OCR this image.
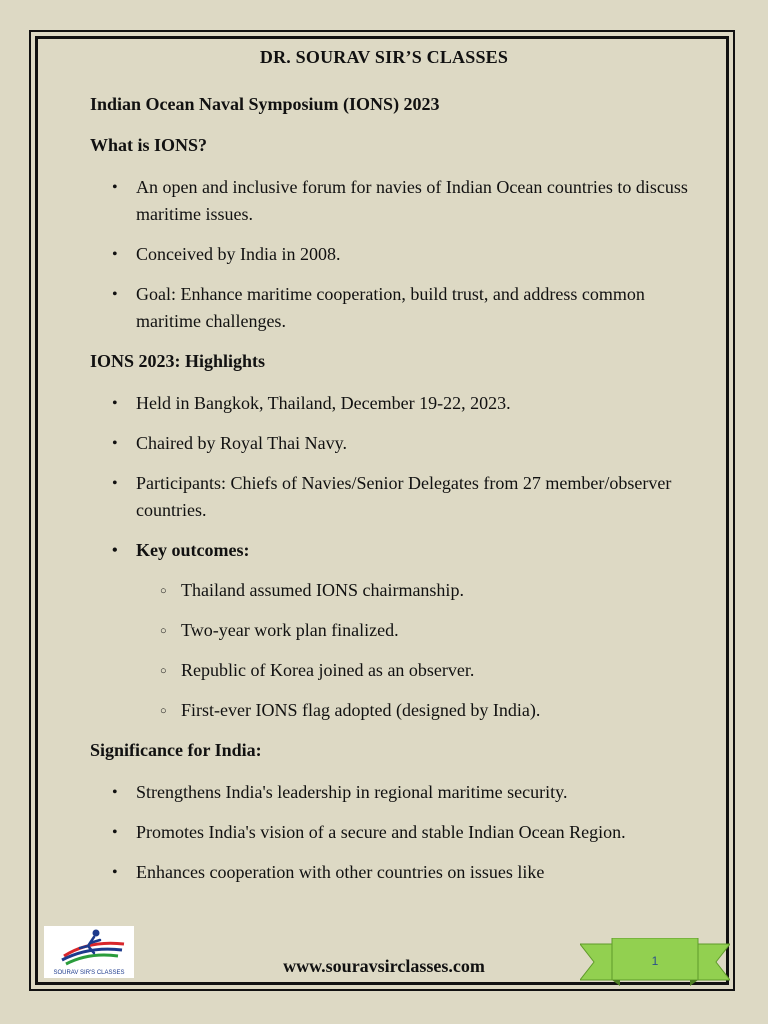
DR. SOURAV SIR’S CLASSES
Indian Ocean Naval Symposium (IONS) 2023
What is IONS?
• An open and inclusive forum for navies of Indian Ocean countries to discuss maritime issues.
• Conceived by India in 2008.
• Goal: Enhance maritime cooperation, build trust, and address common maritime challenges.
IONS 2023: Highlights
• Held in Bangkok, Thailand, December 19-22, 2023.
• Chaired by Royal Thai Navy.
• Participants: Chiefs of Navies/Senior Delegates from 27 member/observer countries.
• Key outcomes:
○ Thailand assumed IONS chairmanship.
○ Two-year work plan finalized.
○ Republic of Korea joined as an observer.
○ First-ever IONS flag adopted (designed by India).
Significance for India:
• Strengthens India's leadership in regional maritime security.
• Promotes India's vision of a secure and stable Indian Ocean Region.
• Enhances cooperation with other countries on issues like
SOURAV SIR'S CLASSES	www.souravsirclasses.com	1
